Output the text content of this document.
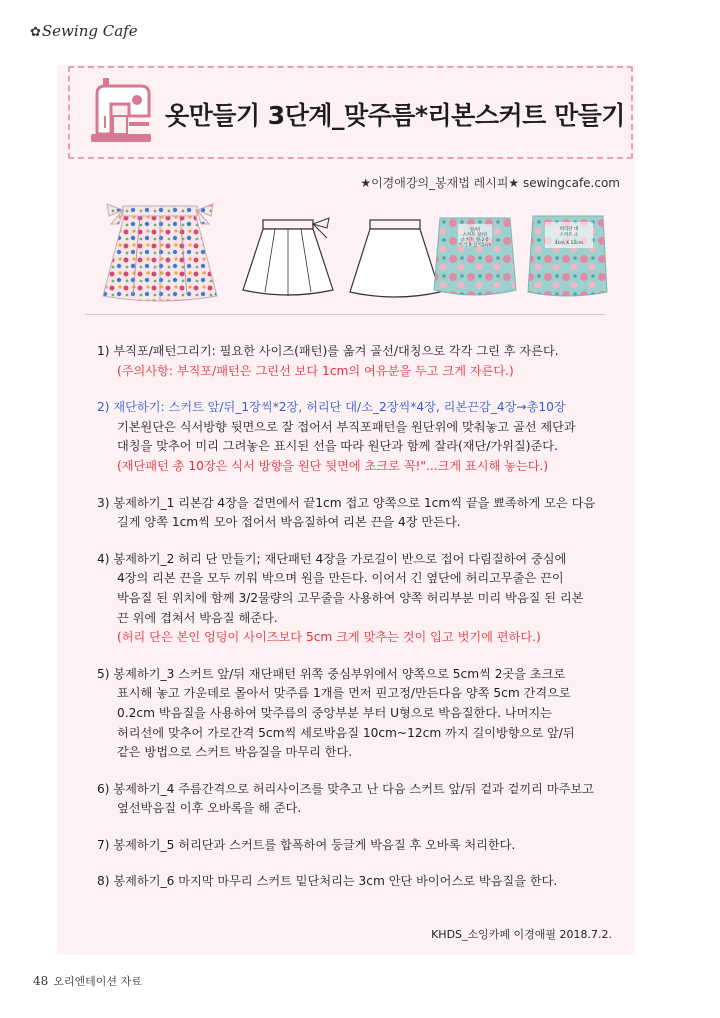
✿Sewing Cafe
옷만들기 3단계_맞주름*리본스커트 만들기
★이경애강의_봉재법 레시피★ sewingcafe.com
앞/뒤
스커트 앞/뒤
스커트 앞 2장
이거 X 길이5cm
허리단 대
스커트 소
4cm X 12cm

1) 부직포/패턴그리기: 필요한 사이즈(패턴)를 옮겨 골선/대칭으로 각각 그린 후 자른다.

(주의사항: 부직포/패턴은 그린선 보다 1cm의 여유분을 두고 크게 자른다.)

2) 재단하기: 스커트 앞/뒤_1장씩*2장, 허리단 대/소_2장씩*4장, 리본끈감_4장→총10장

기본원단은 식서방향 뒷면으로 잘 접어서 부직포패턴을 원단위에 맞춰놓고 골선 제단과

대칭을 맞추어 미리 그려놓은 표시된 선을 따라 원단과 함께 잘라(재단/가위질)준다.

(재단패턴 총 10장은 식서 방향을 원단 뒷면에 초크로 꼭!"...크게 표시해 놓는다.)

3) 봉제하기_1 리본감 4장을 겉면에서 끝1cm 접고 양쪽으로 1cm씩 끝을 뾰족하게 모은 다음

길게 양쪽 1cm씩 모아 접어서 박음질하여 리본 끈을 4장 만든다.

4) 봉제하기_2 허리 단 만들기; 재단패턴 4장을 가로길이 반으로 접어 다림질하여 중심에

4장의 리본 끈을 모두 끼워 박으며 원을 만든다. 이어서 긴 옆단에 허리고무줄은 끈이

박음질 된 위치에 함께 3/2물량의 고무줄을 사용하여 양쪽 허리부분 미리 박음질 된 리본

끈 위에 겹쳐서 박음질 해준다.

(허리 단은 본인 엉덩이 사이즈보다 5cm 크게 맞추는 것이 입고 벗기에 편하다.)

5) 봉제하기_3 스커트 앞/뒤 재단패턴 위쪽 중심부위에서 양쪽으로 5cm씩 2곳을 초크로

표시해 놓고 가운데로 몰아서 맞주름 1개를 먼저 핀고정/만든다음 양쪽 5cm 간격으로

0.2cm 박음질을 사용하여 맞주름의 중앙부분 부터 U형으로 박음질한다. 나머지는

허리선에 맞추어 가로간격 5cm씩 세로박음질 10cm~12cm 까지 길이방향으로 앞/뒤

같은 방법으로 스커트 박음질을 마무리 한다.

6) 봉제하기_4 주름간격으로 허리사이즈를 맞추고 난 다음 스커트 앞/뒤 겉과 겉끼리 마주보고

옆선박음질 이후 오바록을 해 준다.

7) 봉제하기_5 허리단과 스커트를 합폭하여 둥글게 박음질 후 오바록 처리한다.

8) 봉제하기_6 마지막 마무리 스커트 밑단처리는 3cm 안단 바이어스로 박음질을 한다.

KHDS_소잉카페 이경애필 2018.7.2.
48 오리엔테이션 자료
